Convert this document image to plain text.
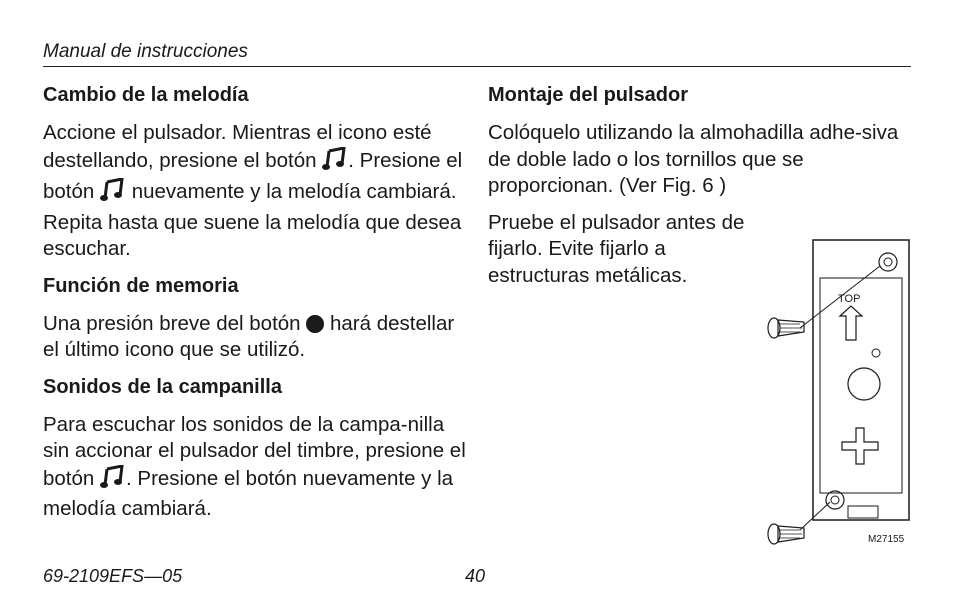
Manual de instrucciones
Cambio de la melodía

Accione el pulsador. Mientras el icono esté destellando, presione el botón . Presione el botón nuevamente y la melodía cambiará. Repita hasta que suene la melodía que desea escuchar.

Función de memoria

Una presión breve del botón hará destellar el último icono que se utilizó.

Sonidos de la campanilla

Para escuchar los sonidos de la campa-nilla sin accionar el pulsador del timbre, presione el botón . Presione el botón nuevamente y la melodía cambiará.

Montaje del pulsador

Colóquelo utilizando la almohadilla adhe-siva de doble lado o los tornillos que se proporcionan. (Ver Fig. 6 )

Pruebe el pulsador antes de fijarlo. Evite fijarlo a estructuras metálicas.

TOP
M27155
69-2109EFS—05	40
